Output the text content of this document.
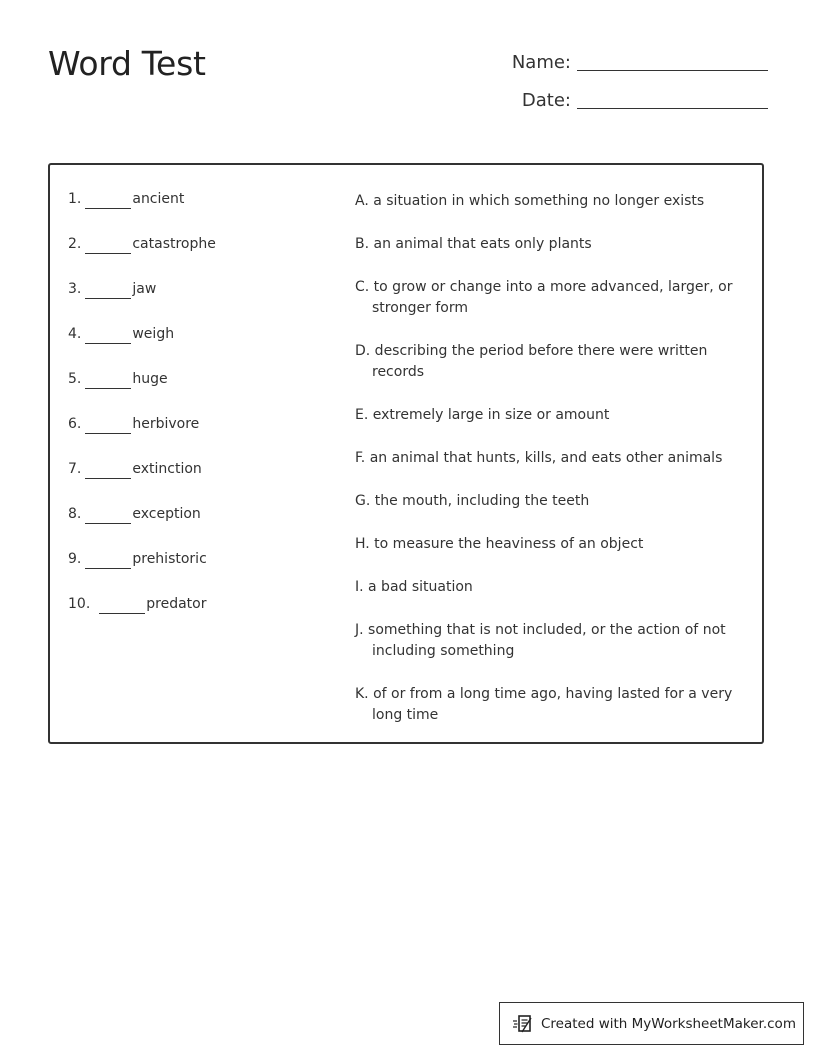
Word Test	Name:
Date:
1.	ancient
2.	catastrophe
3.	jaw
4.	weigh
5.	huge
6.	herbivore
7.	extinction
8.	exception
9.	prehistoric
10.	predator
A. a situation in which something no longer exists
B. an animal that eats only plants
C. to grow or change into a more advanced, larger, or stronger form
D. describing the period before there were written records
E. extremely large in size or amount
F. an animal that hunts, kills, and eats other animals
G. the mouth, including the teeth
H. to measure the heaviness of an object
I. a bad situation
J. something that is not included, or the action of not including something
K. of or from a long time ago, having lasted for a very long time
Created with MyWorksheetMaker.com
